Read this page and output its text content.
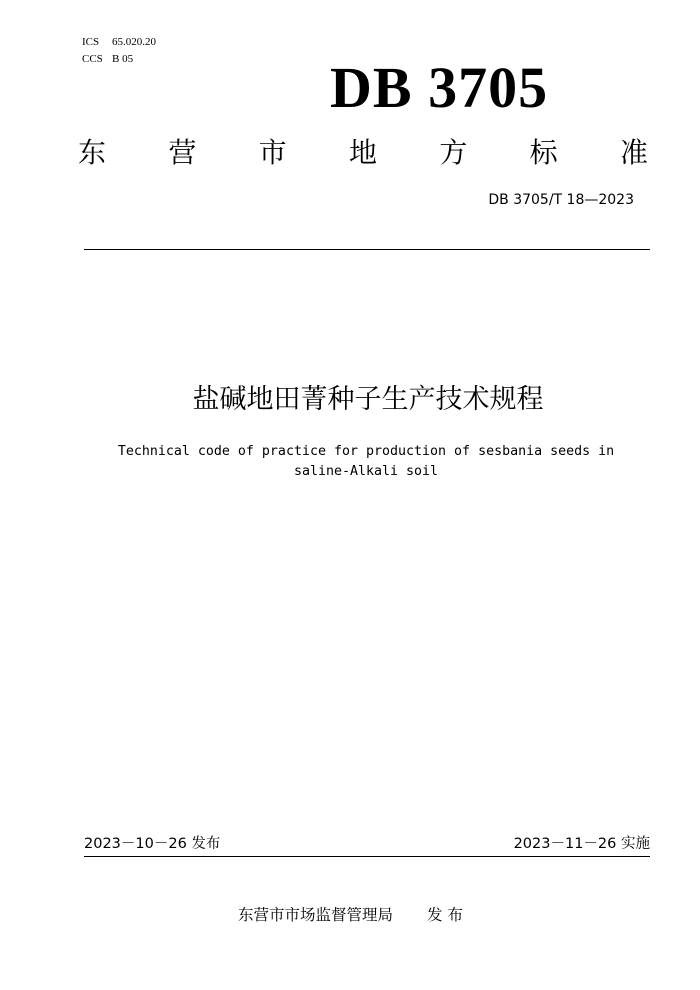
ICS 65.020.20
CCS B 05	DB 3705
东 营 市 地 方 标 准
DB 3705/T 18—2023
盐碱地田菁种子生产技术规程
Technical code of practice for production of sesbania seeds in
saline-Alkali soil
2023－10－26 发布	2023－11－26 实施
东营市市场监督管理局 发 布
